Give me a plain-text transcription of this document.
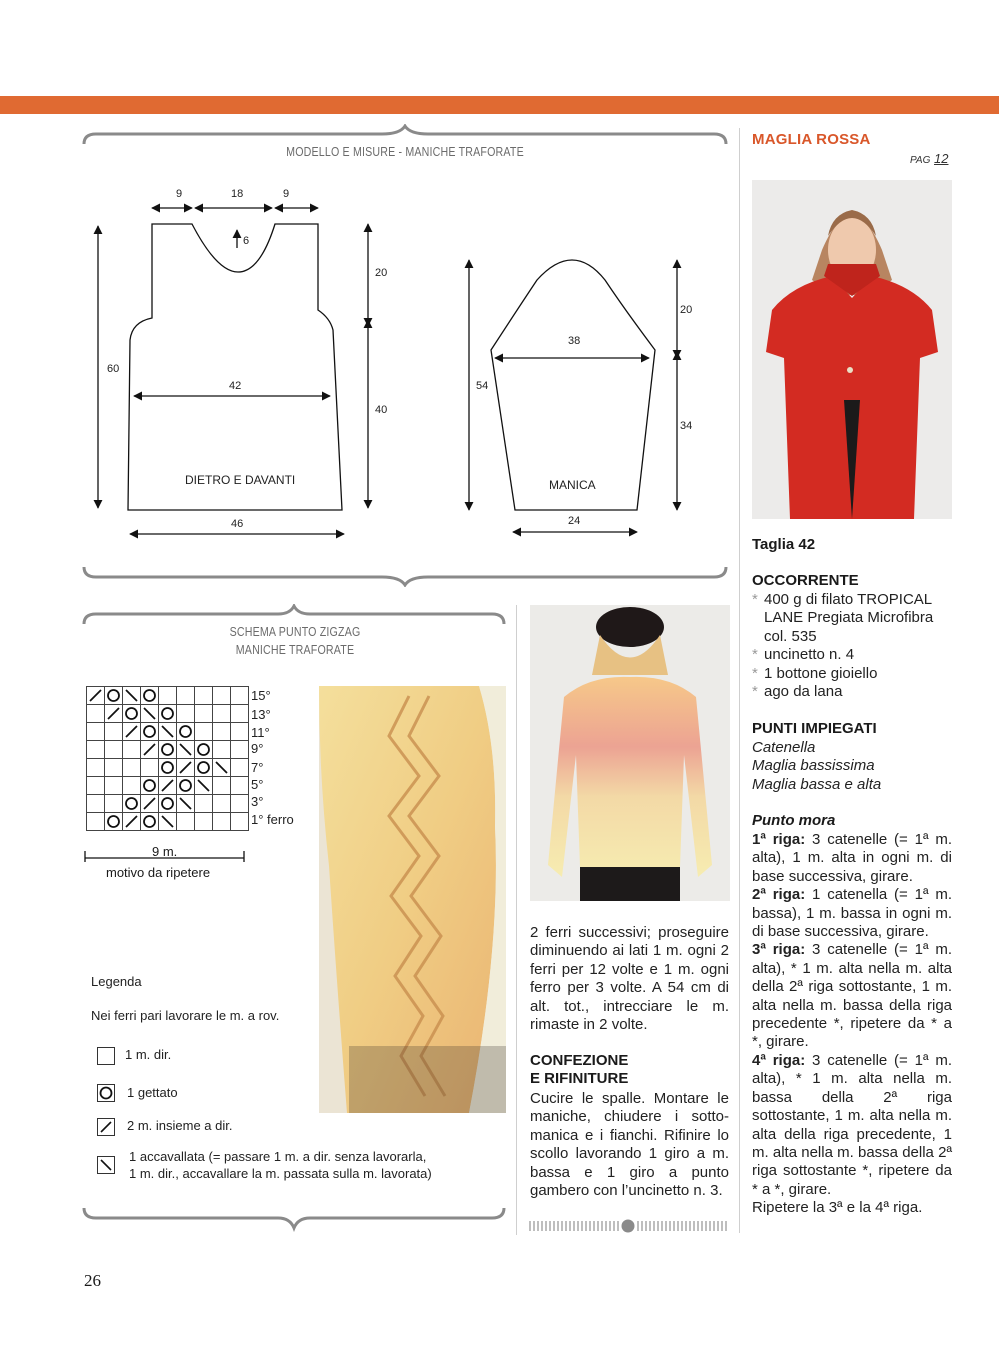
MODELLO E MISURE - MANICHE TRAFORATE
9	18	9
6
60
20
40
42
46
DIETRO E DAVANTI
20
38
54
34
24
MANICA
SCHEMA PUNTO ZIGZAG
MANICHE TRAFORATE
15°
13°
11°
9°
7°
5°
3°
1° ferro
9 m.
motivo da ripetere
Legenda
Nei ferri pari lavorare le m. a rov.
1 m. dir.
1 gettato
2 m. insieme a dir.
1 accavallata (= passare 1 m. a dir. senza lavorarla,
1 m. dir., accavallare la m. passata sulla m. lavorata)
2 ferri successivi; proseguire diminuendo ai lati 1 m. ogni 2 ferri per 12 volte e 1 m. ogni ferro per 3 volte. A 54 cm di alt. tot., intrecciare le m. rimaste in 2 volte.
CONFEZIONE
E RIFINITURE
Cucire le spalle. Montare le maniche, chiudere i sotto-manica e i fianchi. Rifinire lo scollo lavorando 1 giro a m. bassa e 1 giro a punto gambero con l’uncinetto n. 3.
MAGLIA ROSSA
PAG 12
Taglia 42
OCCORRENTE
* 400 g di filato TROPICAL LANE Pregiata Microfibra col. 535
* uncinetto n. 4
* 1 bottone gioiello
* ago da lana
PUNTI IMPIEGATI
Catenella
Maglia bassissima
Maglia bassa e alta
Punto mora
1ª riga: 3 catenelle (= 1ª m. alta), 1 m. alta in ogni m. di base successiva, girare.
2ª riga: 1 catenella (= 1ª m. bassa), 1 m. bassa in ogni m. di base successiva, girare.
3ª riga: 3 catenelle (= 1ª m. alta), * 1 m. alta nella m. alta della 2ª riga sottostante, 1 m. alta nella m. bassa della riga precedente *, ripetere da * a *, girare.
4ª riga: 3 catenelle (= 1ª m. alta), * 1 m. alta nella m. bassa della 2ª riga sottostante, 1 m. alta nella m. alta della riga precedente, 1 m. alta nella m. bassa della 2ª riga sottostante *, ripetere da * a *, girare.
Ripetere la 3ª e la 4ª riga.
26
